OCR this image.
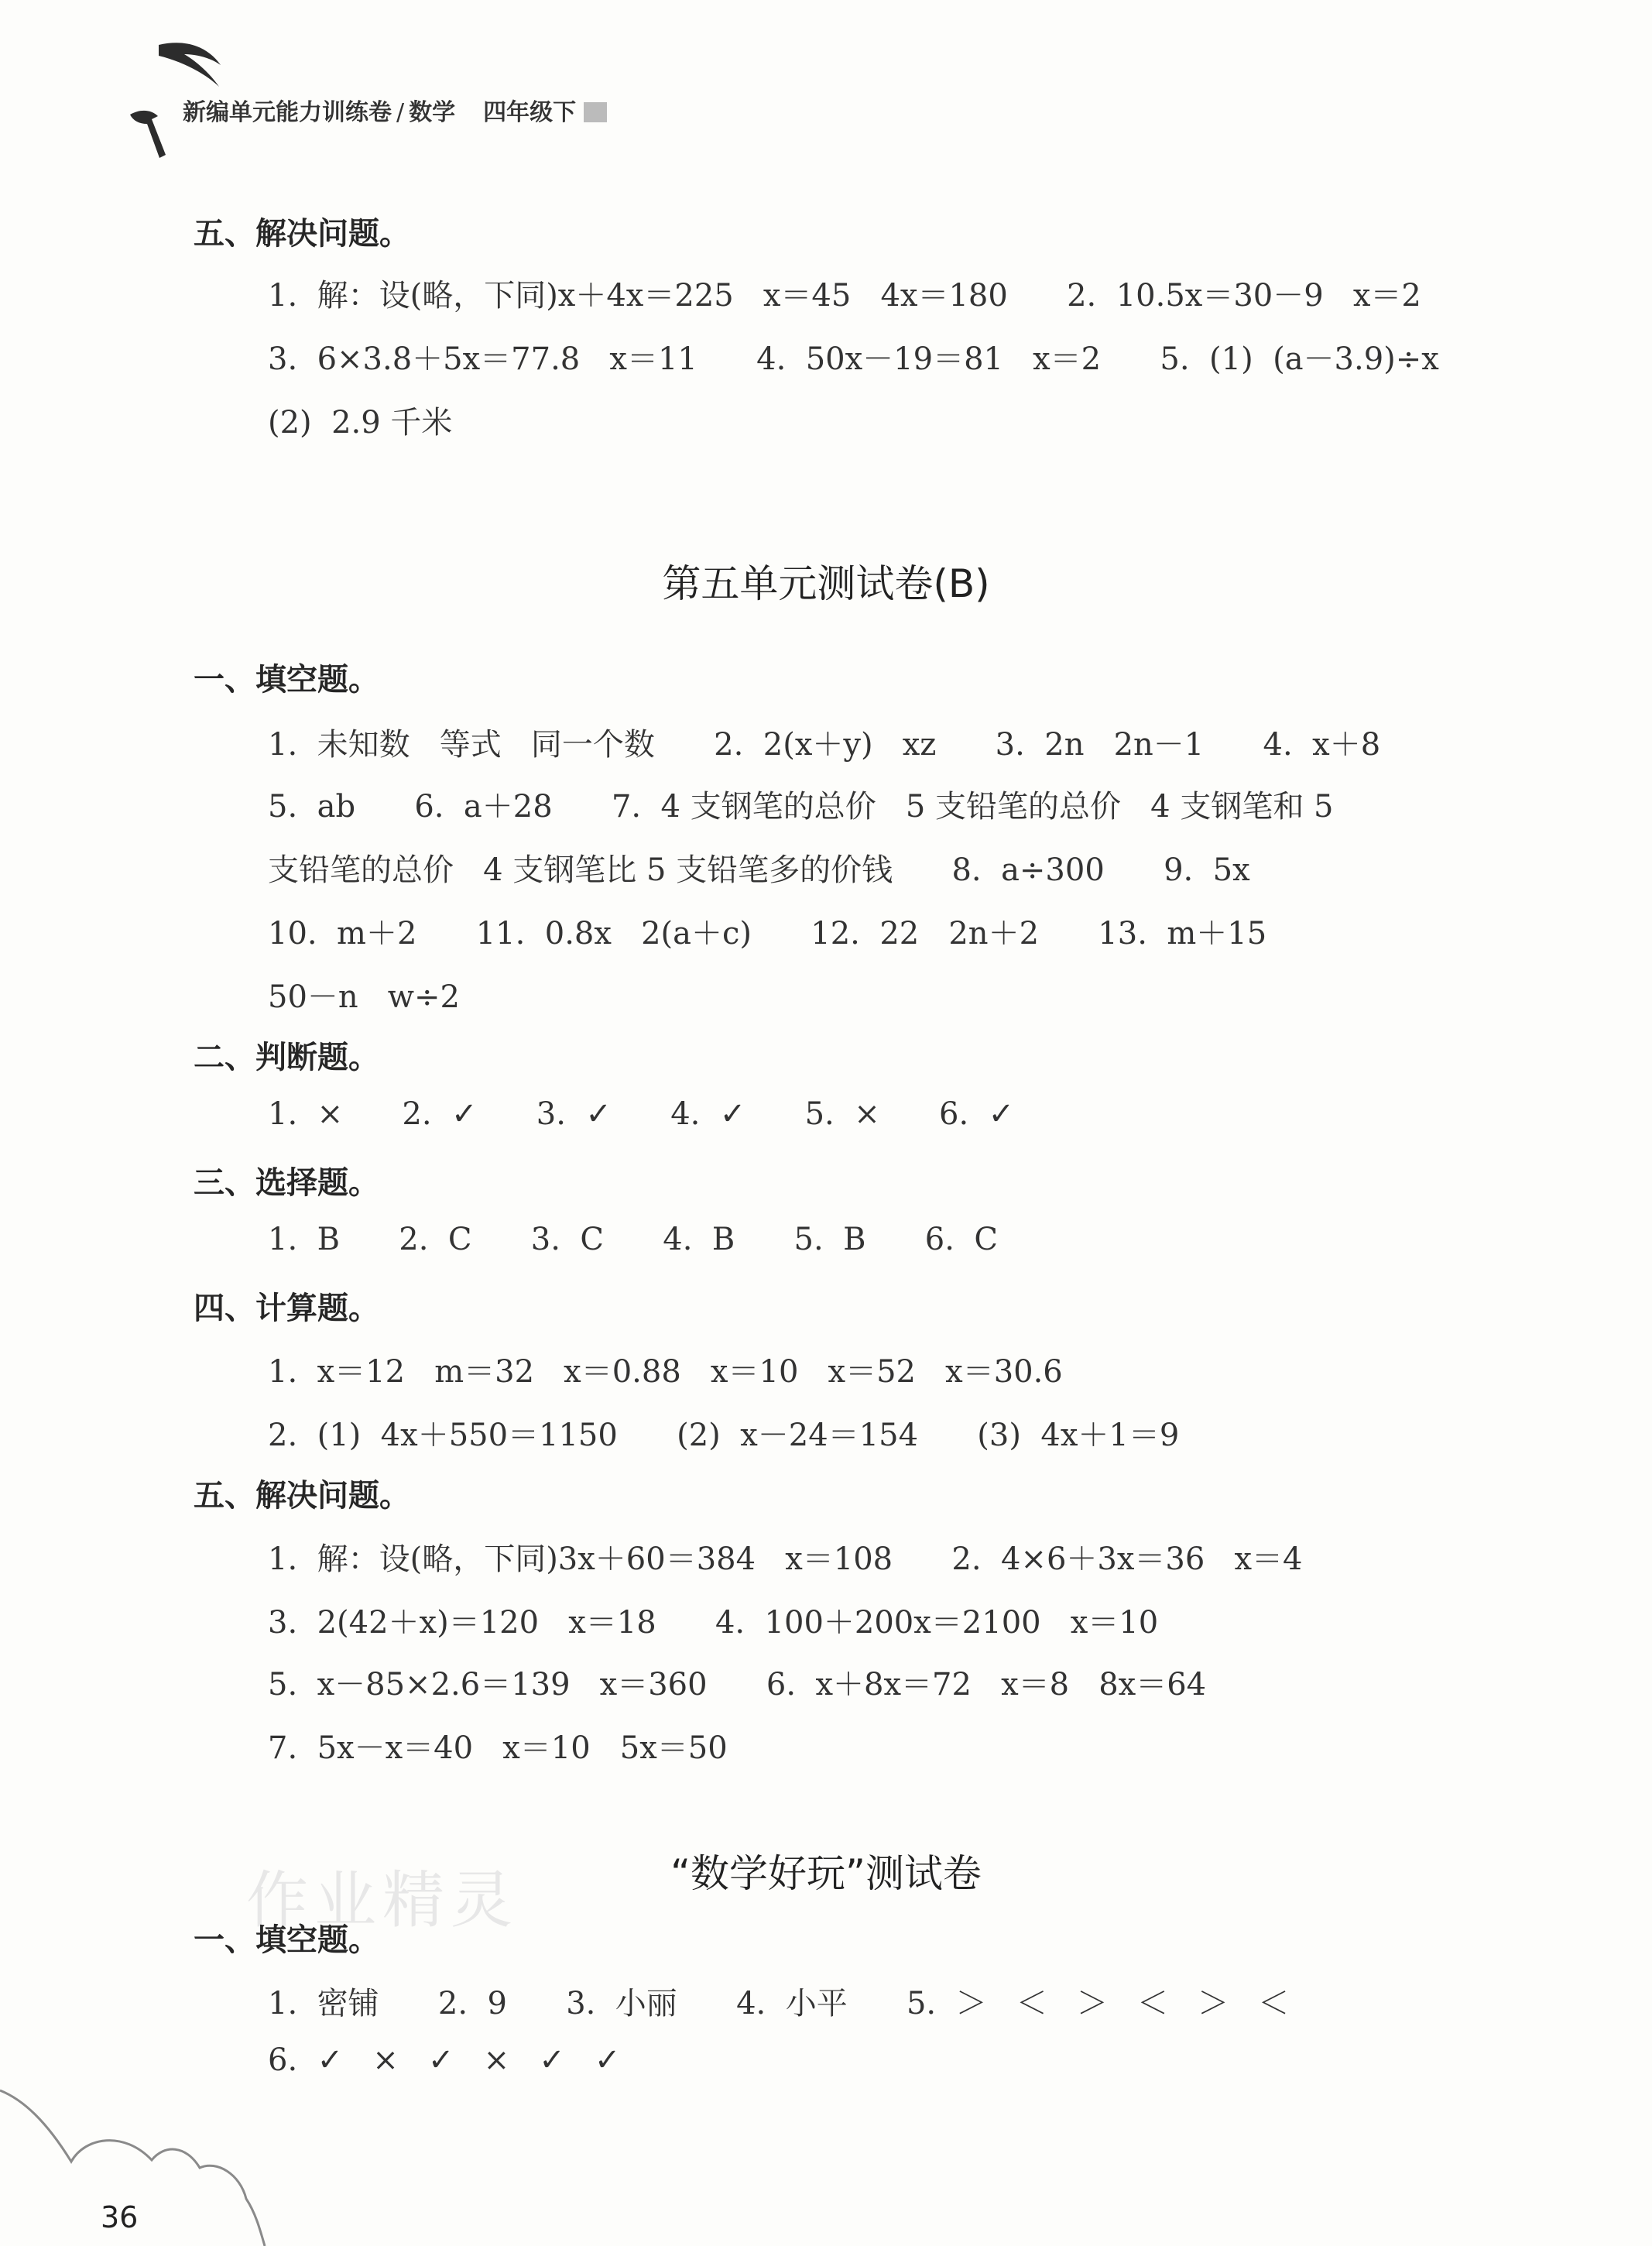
新编单元能力训练卷 / 数学 四年级下
五、解决问题。
1.  解：设(略，下同)x＋4x＝225   x＝45   4x＝180      2.  10.5x＝30－9   x＝2
3.  6×3.8＋5x＝77.8   x＝11      4.  50x－19＝81   x＝2      5.  (1)  (a－3.9)÷x
(2)  2.9 千米
第五单元测试卷(B)
一、填空题。
1.  未知数   等式   同一个数      2.  2(x＋y)   xz      3.  2n   2n－1      4.  x＋8
5.  ab      6.  a＋28      7.  4 支钢笔的总价   5 支铅笔的总价   4 支钢笔和 5
支铅笔的总价   4 支钢笔比 5 支铅笔多的价钱      8.  a÷300      9.  5x
10.  m＋2      11.  0.8x   2(a＋c)      12.  22   2n＋2      13.  m＋15
50－n   w÷2
二、判断题。
1.  ×      2.  ✓      3.  ✓      4.  ✓      5.  ×      6.  ✓
三、选择题。
1.  B      2.  C      3.  C      4.  B      5.  B      6.  C
四、计算题。
1.  x＝12   m＝32   x＝0.88   x＝10   x＝52   x＝30.6
2.  (1)  4x＋550＝1150      (2)  x－24＝154      (3)  4x＋1＝9
五、解决问题。
1.  解：设(略，下同)3x＋60＝384   x＝108      2.  4×6＋3x＝36   x＝4
3.  2(42＋x)＝120   x＝18      4.  100＋200x＝2100   x＝10
5.  x－85×2.6＝139   x＝360      6.  x＋8x＝72   x＝8   8x＝64
7.  5x－x＝40   x＝10   5x＝50
“数学好玩”测试卷
作业精灵
一、填空题。
1.  密铺      2.  9      3.  小丽      4.  小平      5.  ＞   ＜   ＞   ＜   ＞   ＜
6.  ✓   ×   ✓   ×   ✓   ✓
36
